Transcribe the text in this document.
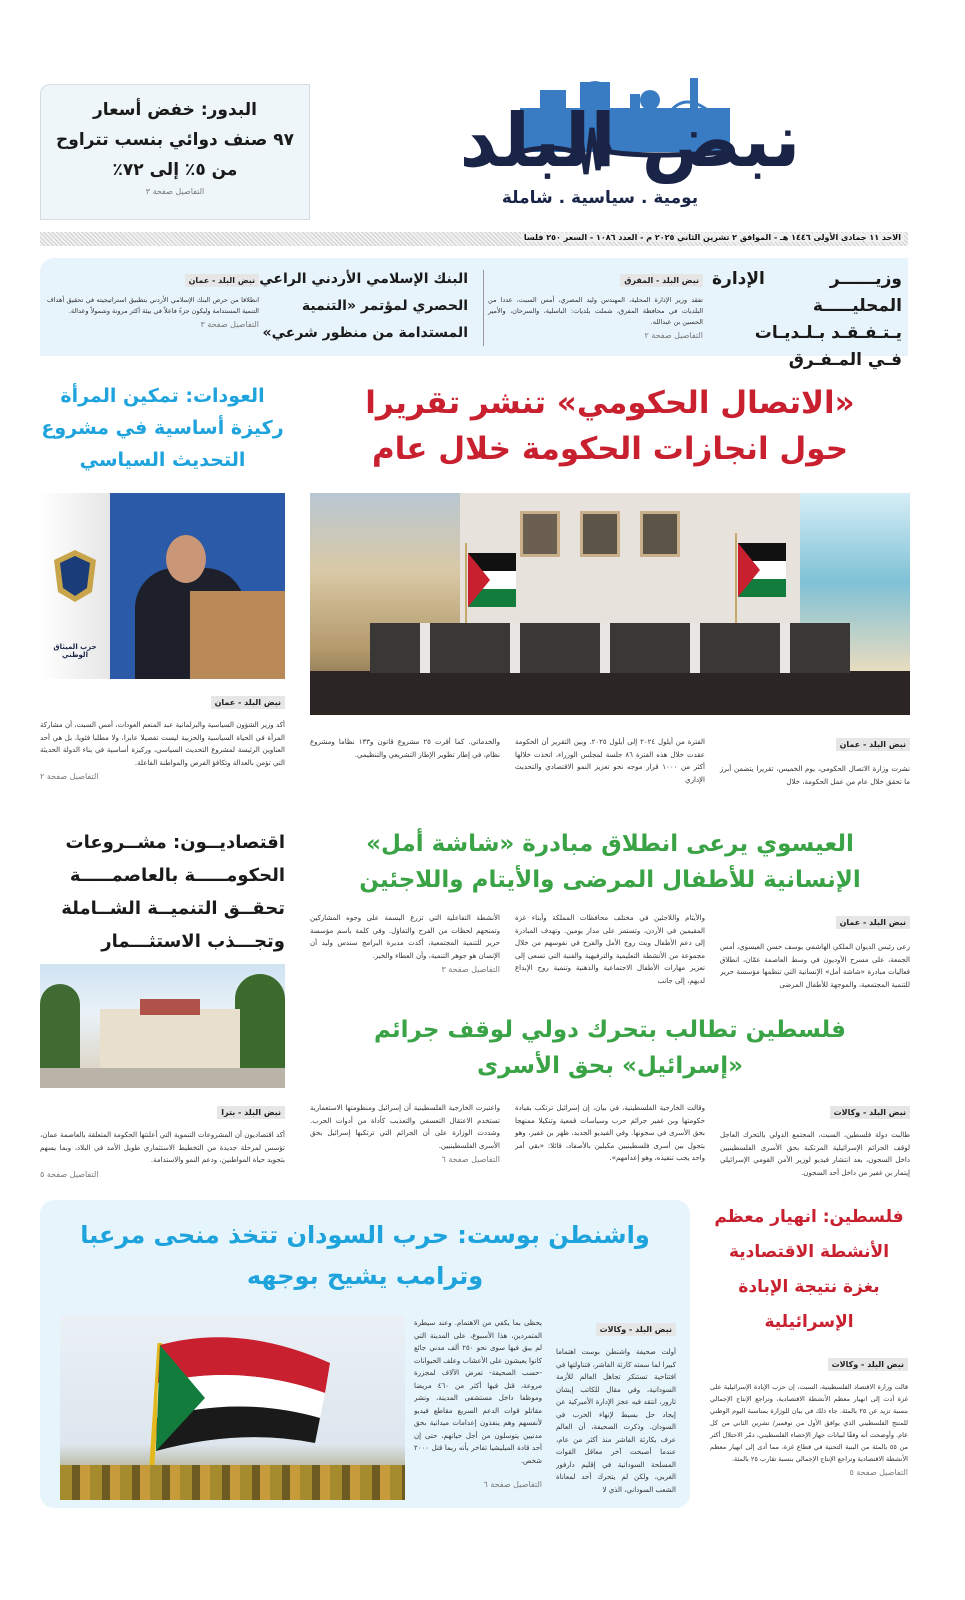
نبض البلد
يومية . سياسية . شاملة
البدور: خفض أسعار
٩٧ صنف دوائي بنسب تتراوح
من ٥٪ إلى ٧٢٪
التفاصيل صفحة ٣
الاحد ١١ جمادى الأولى ١٤٤٦ هـ - الموافق ٢ تشرين الثاني ٢٠٢٥ م - العدد ١٠٨٦ - السعر ٢٥٠ فلسا
وزيــــــر الإدارة المحليـــــة
يـتـفـقـد بـلـديـات
فـي المـفـرق
نبض البلد - المفرق
تفقد وزير الإدارة المحلية، المهندس وليد المصري، أمس السبت، عددا من البلديات في محافظة المفرق، شملت بلديات: الباسلية، والسرحان، والأمير الحسين بن عبدالله.
التفاصيل صفحة ٢
البنك الإسلامي الأردني الراعي
الحصري لمؤتمر «التنمية
المستدامة من منظور شرعي»
نبض البلد - عمان
انطلاقا من حرص البنك الإسلامي الأردني بتطبيق استراتيجيته في تحقيق أهداف التنمية المستدامة وليكون جزءً فاعلاً في بيئة أكثر مرونة وشمولاً وعدالة.
التفاصيل صفحة ٣
«الاتصال الحكومي» تنشر تقريرا
حول انجازات الحكومة خلال عام
نبض البلد - عمان
نشرت وزارة الاتصال الحكومي، يوم الخميس، تقريرا يتضمن أبرز ما تحقق خلال عام من عمل الحكومة، خلال
الفترة من أيلول ٢٠٢٤ إلى أيلول ٢٠٢٥. وبين التقرير أن الحكومة عقدت خلال هذه الفترة ٨٦ جلسة لمجلس الوزراء، اتخذت خلالها أكثر من ١٠٠٠ قرار موجه نحو تعزيز النمو الاقتصادي والتحديث الإداري
والخدماتي. كما أقرت ٢٥ مشروع قانون و١٣٣ نظاما ومشروع نظام، في إطار تطوير الإطار التشريعي والتنظيمي.
العودات: تمكين المرأة
ركيزة أساسية في مشروع
التحديث السياسي
حزب الميثاق الوطني
نبض البلد - عمان
أكد وزير الشؤون السياسية والبرلمانية عبد المنعم العودات، أمس السبت، أن مشاركة المرأة في الحياة السياسية والحزبية ليست تفصيلا عابرا، ولا مطلبا فئويا، بل هي أحد العناوين الرئيسة لمشروع التحديث السياسي، وركيزة أساسية في بناء الدولة الحديثة التي تؤمن بالعدالة وتكافؤ الفرص والمواطنة الفاعلة.
التفاصيل صفحة ٢
العيسوي يرعى انطلاق مبادرة «شاشة أمل»
الإنسانية للأطفال المرضى والأيتام واللاجئين
نبض البلد - عمان
رعى رئيس الديوان الملكي الهاشمي يوسف حسن العيسوي، أمس الجمعة، على مسرح الأوديون في وسط العاصمة عمّان، انطلاق فعاليات مبادرة «شاشة أمل» الإنسانية التي تنظمها مؤسسة حرير للتنمية المجتمعية، والموجهة للأطفال المرضى
والأيتام واللاجئين في مختلف محافظات المملكة وأبناء غزة المقيمين في الأردن، وتستمر على مدار يومين. وتهدف المبادرة إلى دعم الأطفال وبث روح الأمل والفرح في نفوسهم من خلال مجموعة من الأنشطة التعليمية والترفيهية والفنية التي تسعى إلى تعزيز مهارات الأطفال الاجتماعية والذهنية وتنمية روح الإبداع لديهم، إلى جانب
الأنشطة التفاعلية التي تزرع البسمة على وجوه المشاركين وتمنحهم لحظات من الفرح والتفاؤل. وفي كلمة باسم مؤسسة حرير للتنمية المجتمعية، أكدت مديرة البرامج سندس وليد أن الإنسان هو جوهر التنمية، وأن العطاء والخير.
التفاصيل صفحة ٣
اقتصاديــون: مشــروعات
الحكومـــــة بالعاصمـــــة
تحقــق التنميــة الشــاملة
وتجـــذب الاستثـــمار
نبض البلد - بترا
أكد اقتصاديون أن المشروعات التنموية التي أعلنتها الحكومة المتعلقة بالعاصمة عمان، تؤسس لمرحلة جديدة من التخطيط الاستثماري طويل الأمد في البلاد، وبما يسهم بتجويد حياة المواطنين، ودعم النمو والاستدامة.
التفاصيل صفحة ٥
فلسطين تطالب بتحرك دولي لوقف جرائم
«إسرائيل» بحق الأسرى
نبض البلد - وكالات
طالبت دولة فلسطين، السبت، المجتمع الدولي بالتحرك العاجل لوقف الجرائم الإسرائيلية المرتكبة بحق الأسرى الفلسطينيين داخل السجون، بعد انتشار فيديو لوزير الأمن القومي الإسرائيلي إيتمار بن غفير من داخل أحد السجون.
وقالت الخارجية الفلسطينية، في بيان، إن إسرائيل ترتكب بقيادة حكومتها وبن غفير جرائم حرب وسياسات قمعية وتنكيلا ممنهجا بحق الأسرى في سجونها. وفي الفيديو الجديد، ظهر بن غفير، وهو يتجول بين أسرى فلسطينيين مكبلين بالأصفاد، قائلا: «بقي أمر واحد يجب تنفيذه، وهو إعدامهم».
واعتبرت الخارجية الفلسطينية أن إسرائيل ومنظومتها الاستعمارية تستخدم الاعتقال التعسفي والتعذيب كأداة من أدوات الحرب. وشددت الوزارة على أن الجرائم التي ترتكبها إسرائيل بحق الأسرى الفلسطينيين.
التفاصيل صفحة ٦
واشنطن بوست: حرب السودان تتخذ منحى مرعبا
وترامب يشيح بوجهه
نبض البلد - وكالات
أولت صحيفة واشنطن بوست اهتماما كبيرا لما سمته كارثة الفاشر، فتناولتها في افتتاحية تستنكر تجاهل العالم للأزمة السودانية، وفي مقال للكاتب إيشان ثارور، انتقد فيه عجز الإدارة الأميركية عن إيجاد حل بسيط لإنهاء الحرب في السودان. وذكرت الصحيفة، أن العالم عرف بكارثة الفاشر منذ أكثر من عام، عندما أصبحت آخر معاقل القوات المسلحة السودانية في إقليم دارفور الغربي، ولكن لم يتحرك أحد لمعاناة الشعب السوداني، الذي لا
يحظى بما يكفي من الاهتمام. وعند سيطرة المتمردين، هذا الأسبوع، على المدينة التي لم يبق فيها سوى نحو ٢٥٠ ألف مدني جائع كانوا يعيشون على الأعشاب وعلف الحيوانات -حسب الصحيفة- تعرض الآلاف لمجزرة مروعة، قتل فيها أكثر من ٤٦٠ مريضا وموظفا داخل مستشفى المدينة، ونشر مقاتلو قوات الدعم السريع مقاطع فيديو لأنفسهم وهم ينفذون إعدامات ميدانية بحق مدنيين يتوسلون من أجل حياتهم، حتى إن أحد قادة الميليشيا تفاخر بأنه ربما قتل ٢٠٠٠ شخص.
التفاصيل صفحة ٦
فلسطين: انهيار معظم
الأنشطة الاقتصادية
بغزة نتيجة الإبادة
الإسرائيلية
نبض البلد - وكالات
قالت وزارة الاقتصاد الفلسطينية، السبت، إن حرب الإبادة الإسرائيلية على غزة أدت إلى انهيار معظم الأنشطة الاقتصادية، وتراجع الإنتاج الإجمالي بنسبة تزيد عن ٢٥ بالمئة. جاء ذلك في بيان للوزارة بمناسبة اليوم الوطني للمنتج الفلسطيني الذي يوافق الأول من نوفمبر/ تشرين الثاني من كل عام. وأوضحت أنه وفقًا لبيانات جهاز الإحصاء الفلسطيني، دمّر الاحتلال أكثر من ٥٥ بالمئة من البنية التحتية في قطاع غزة، مما أدى إلى انهيار معظم الأنشطة الاقتصادية وتراجع الإنتاج الإجمالي بنسبة تقارب ٢٥ بالمئة.
التفاصيل صفحة ٥
